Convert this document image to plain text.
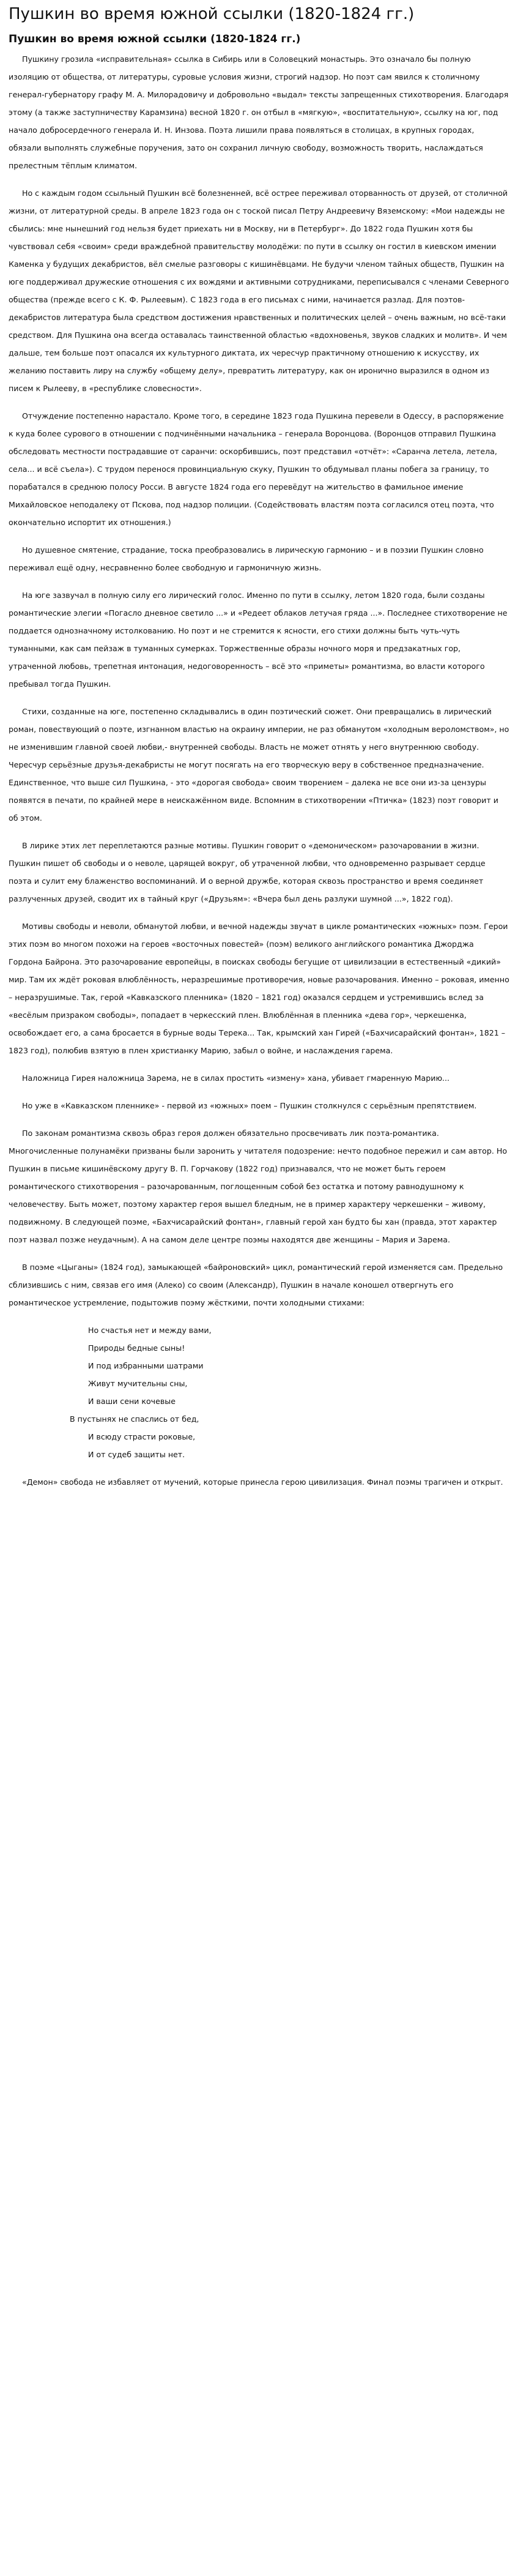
Пушкин во время южной ссылки (1820-1824 гг.)
Пушкин во время южной ссылки (1820-1824 гг.)

Пушкину грозила «исправительная» ссылка в Сибирь или в Соловецкий монастырь. Это означало бы полную изоляцию от общества, от литературы, суровые условия жизни, строгий надзор. Но поэт сам явился к столичному генерал-губернатору графу М. А. Милорадовичу и добровольно «выдал» тексты запрещенных стихотворения. Благодаря этому (а также заступничеству Карамзина) весной 1820 г. он отбыл в «мягкую», «воспитательную», ссылку на юг, под начало добросердечного генерала И. Н. Инзова. Поэта лишили права появляться в столицах, в крупных городах, обязали выполнять служебные поручения, зато он сохранил личную свободу, возможность творить, наслаждаться прелестным тёплым климатом.

Но с каждым годом ссыльный Пушкин всё болезненней, всё острее переживал оторванность от друзей, от столичной жизни, от литературной среды. В апреле 1823 года он с тоской писал Петру Андреевичу Вяземскому: «Мои надежды не сбылись: мне нынешний год нельзя будет приехать ни в Москву, ни в Петербург». До 1822 года Пушкин хотя бы чувствовал себя «своим» среди враждебной правительству молодёжи: по пути в ссылку он гостил в киевском имении Каменка у будущих декабристов, вёл смелые разговоры с кишинёвцами. Не будучи членом тайных обществ, Пушкин на юге поддерживал дружеские отношения с их вождями и активными сотрудниками, переписывался с членами Северного общества (прежде всего с К. Ф. Рылеевым). С 1823 года в его письмах с ними, начинается разлад. Для поэтов-декабристов литература была средством достижения нравственных и политических целей – очень важным, но всё-таки средством. Для Пушкина она всегда оставалась таинственной областью «вдохновенья, звуков сладких и молитв». И чем дальше, тем больше поэт опасался их культурного диктата, их чересчур практичному отношению к искусству, их желанию поставить лиру на службу «общему делу», превратить литературу, как он иронично выразился в одном из писем к Рылееву, в «республике словесности».

Отчуждение постепенно нарастало. Кроме того, в середине 1823 года Пушкина перевели в Одессу, в распоряжение к куда более сурового в отношении с подчинёнными начальника – генерала Воронцова. (Воронцов отправил Пушкина обследовать местности пострадавшие от саранчи: оскорбившись, поэт представил «отчёт»: «Саранча летела, летела, села... и всё съела»). С трудом перенося провинциальную скуку, Пушкин то обдумывал планы побега за границу, то порабатался в среднюю полосу Росси. В августе 1824 года его перевёдут на жительство в фамильное имение Михайловское неподалеку от Пскова, под надзор полиции. (Содействовать властям поэта согласился отец поэта, что окончательно испортит их отношения.)

Но душевное смятение, страдание, тоска преобразовались в лирическую гармонию – и в поэзии Пушкин словно переживал ещё одну, несравненно более свободную и гармоничную жизнь.

На юге зазвучал в полную силу его лирический голос. Именно по пути в ссылку, летом 1820 года, были созданы романтические элегии «Погасло дневное светило ...» и «Редеет облаков летучая гряда ...». Последнее стихотворение не поддается однозначному истолкованию. Но поэт и не стремится к ясности, его стихи должны быть чуть-чуть туманными, как сам пейзаж в туманных сумерках. Торжественные образы ночного моря и предзакатных гор, утраченной любовь, трепетная интонация, недоговоренность – всё это «приметы» романтизма, во власти которого пребывал тогда Пушкин.

Стихи, созданные на юге, постепенно складывались в один поэтический сюжет. Они превращались в лирический роман, повествующий о поэте, изгнанном властью на окраину империи, не раз обманутом «холодным вероломством», но не изменившим главной своей любви,- внутренней свободы. Власть не может отнять у него внутреннюю свободу. Чересчур серьёзные друзья-декабристы не могут посягать на его творческую веру в собственное предназначение. Единственное, что выше сил Пушкина, - это «дорогая свобода» своим творением – далека не все они из-за цензуры появятся в печати, по крайней мере в неискажённом виде. Вспомним в стихотворении «Птичка» (1823) поэт говорит и об этом.

В лирике этих лет переплетаются разные мотивы. Пушкин говорит о «демоническом» разочаровании в жизни. Пушкин пишет об свободы и о неволе, царящей вокруг, об утраченной любви, что одновременно разрывает сердце поэта и сулит ему блаженство воспоминаний. И о верной дружбе, которая сквозь пространство и время соединяет разлученных друзей, сводит их в тайный круг («Друзьям»: «Вчера был день разлуки шумной ...», 1822 год).

Мотивы свободы и неволи, обманутой любви, и вечной надежды звучат в цикле романтических «южных» поэм. Герои этих поэм во многом похожи на героев «восточных повестей» (поэм) великого английского романтика Джорджа Гордона Байрона. Это разочарование европейцы, в поисках свободы бегущие от цивилизации в естественный «дикий» мир. Там их ждёт роковая влюблённость, неразрешимые противоречия, новые разочарования. Именно – роковая, именно – неразрушимые. Так, герой «Кавказского пленника» (1820 – 1821 год) оказался сердцем и устремившись вслед за «весёлым призраком свободы», попадает в черкесский плен. Влюблённая в пленника «дева гор», черкешенка, освобождает его, а сама бросается в бурные воды Терека... Так, крымский хан Гирей («Бахчисарайский фонтан», 1821 – 1823 год), полюбив взятую в плен христианку Марию, забыл о войне, и наслаждения гарема.

Наложница Гирея наложница Зарема, не в силах простить «измену» хана, убивает гмаренную Марию...

Но уже в «Кавказском пленнике» - первой из «южных» поем – Пушкин столкнулся с серьёзным препятствием.

По законам романтизма сквозь образ героя должен обязательно просвечивать лик поэта-романтика. Многочисленные полунамёки призваны были заронить у читателя подозрение: нечто подобное пережил и сам автор. Но Пушкин в письме кишинёвскому другу В. П. Горчакову (1822 год) признавался, что не может быть героем романтического стихотворения – разочарованным, поглощенным собой без остатка и потому равнодушному к человечеству. Быть может, поэтому характер героя вышел бледным, не в пример характеру черкешенки – живому, подвижному. В следующей поэме, «Бахчисарайский фонтан», главный герой хан будто бы хан (правда, этот характер поэт назвал позже неудачным). А на самом деле центре поэмы находятся две женщины – Мария и Зарема.

В поэме «Цыганы» (1824 год), замыкающей «байроновский» цикл, романтический герой изменяется сам. Предельно сблизившись с ним, связав его имя (Алеко) со своим (Александр), Пушкин в начале коношел отвергнуть его романтическое устремление, подытожив поэму жёсткими, почти холодными стихами:

Но счастья нет и между вами,
Природы бедные сыны!
И под избранными шатрами
Живут мучительны сны,
И ваши сени кочевые
В пустынях не спаслись от бед,
И всюду страсти роковые,
И от судеб защиты нет.

«Демон» свобода не избавляет от мучений, которые принесла герою цивилизация. Финал поэмы трагичен и открыт.
